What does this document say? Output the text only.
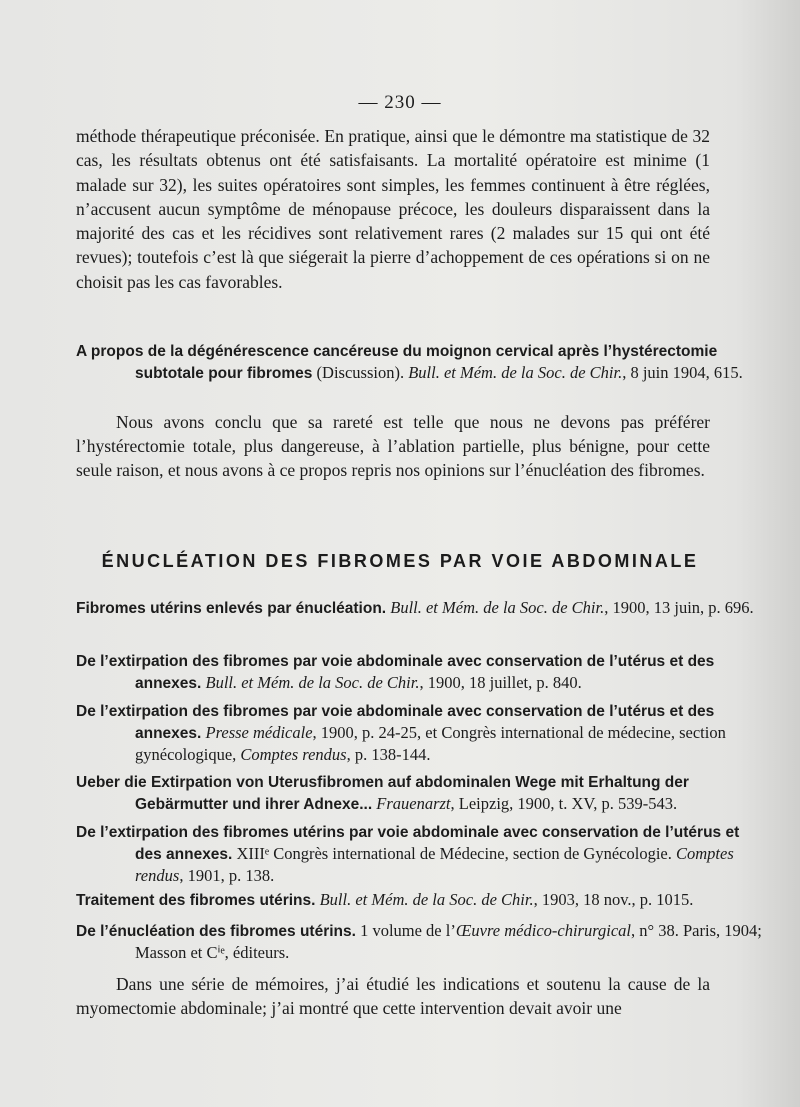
— 230 —
méthode thérapeutique préconisée. En pratique, ainsi que le démontre ma statistique de 32 cas, les résultats obtenus ont été satisfaisants. La mortalité opératoire est minime (1 malade sur 32), les suites opératoires sont simples, les femmes continuent à être réglées, n’accusent aucun symptôme de ménopause précoce, les douleurs disparaissent dans la majorité des cas et les récidives sont relativement rares (2 malades sur 15 qui ont été revues); toutefois c’est là que siégerait la pierre d’achoppement de ces opérations si on ne choisit pas les cas favorables.
A propos de la dégénérescence cancéreuse du moignon cervical après l’hystérectomie subtotale pour fibromes (Discussion). Bull. et Mém. de la Soc. de Chir., 8 juin 1904, 615.
Nous avons conclu que sa rareté est telle que nous ne devons pas préférer l’hystérectomie totale, plus dangereuse, à l’ablation partielle, plus bénigne, pour cette seule raison, et nous avons à ce propos repris nos opinions sur l’énucléation des fibromes.
ÉNUCLÉATION DES FIBROMES PAR VOIE ABDOMINALE
Fibromes utérins enlevés par énucléation. Bull. et Mém. de la Soc. de Chir., 1900, 13 juin, p. 696.
De l’extirpation des fibromes par voie abdominale avec conservation de l’utérus et des annexes. Bull. et Mém. de la Soc. de Chir., 1900, 18 juillet, p. 840.
De l’extirpation des fibromes par voie abdominale avec conservation de l’utérus et des annexes. Presse médicale, 1900, p. 24-25, et Congrès international de médecine, section gynécologique, Comptes rendus, p. 138-144.
Ueber die Extirpation von Uterusfibromen auf abdominalen Wege mit Erhaltung der Gebärmutter und ihrer Adnexe... Frauenarzt, Leipzig, 1900, t. XV, p. 539-543.
De l’extirpation des fibromes utérins par voie abdominale avec conservation de l’utérus et des annexes. XIIIᵉ Congrès international de Médecine, section de Gynécologie. Comptes rendus, 1901, p. 138.
Traitement des fibromes utérins. Bull. et Mém. de la Soc. de Chir., 1903, 18 nov., p. 1015.
De l’énucléation des fibromes utérins. 1 volume de l’Œuvre médico-chirurgical, n° 38. Paris, 1904; Masson et Cⁱᵉ, éditeurs.
Dans une série de mémoires, j’ai étudié les indications et soutenu la cause de la myomectomie abdominale; j’ai montré que cette intervention devait avoir une
